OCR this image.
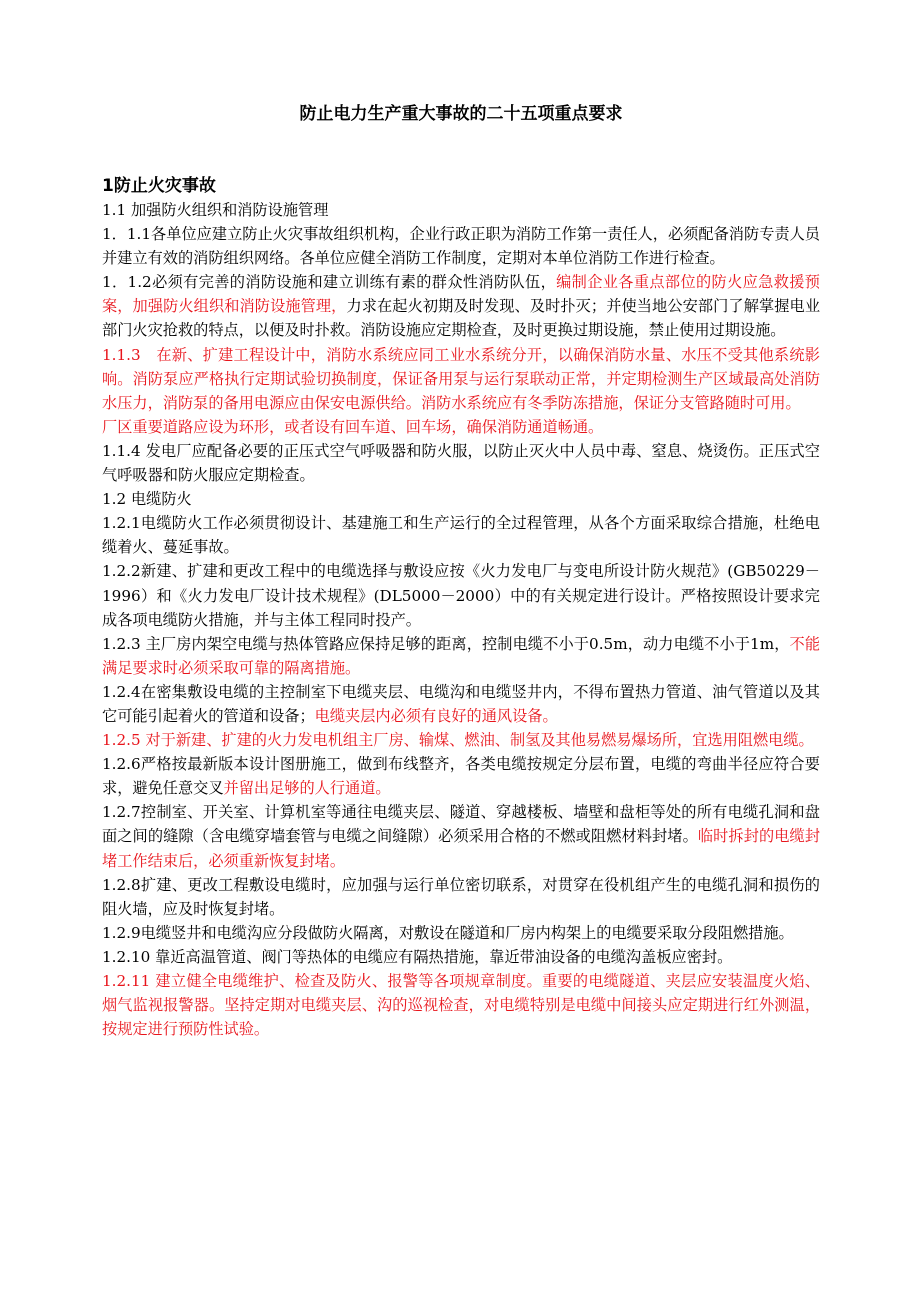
防止电力生产重大事故的二十五项重点要求
1防止火灾事故

1.1 加强防火组织和消防设施管理

1．1.1各单位应建立防止火灾事故组织机构，企业行政正职为消防工作第一责任人，必须配备消防专责人员并建立有效的消防组织网络。各单位应健全消防工作制度，定期对本单位消防工作进行检查。

1．1.2必须有完善的消防设施和建立训练有素的群众性消防队伍，编制企业各重点部位的防火应急救援预案，加强防火组织和消防设施管理，力求在起火初期及时发现、及时扑灭；并使当地公安部门了解掌握电业部门火灾抢救的特点，以便及时扑救。消防设施应定期检查，及时更换过期设施，禁止使用过期设施。

1.1.3　在新、扩建工程设计中，消防水系统应同工业水系统分开，以确保消防水量、水压不受其他系统影响。消防泵应严格执行定期试验切换制度，保证备用泵与运行泵联动正常，并定期检测生产区域最高处消防水压力，消防泵的备用电源应由保安电源供给。消防水系统应有冬季防冻措施，保证分支管路随时可用。

厂区重要道路应设为环形，或者设有回车道、回车场，确保消防通道畅通。

1.1.4 发电厂应配备必要的正压式空气呼吸器和防火服，以防止灭火中人员中毒、窒息、烧烫伤。正压式空气呼吸器和防火服应定期检查。

1.2 电缆防火

1.2.1电缆防火工作必须贯彻设计、基建施工和生产运行的全过程管理，从各个方面采取综合措施，杜绝电缆着火、蔓延事故。

1.2.2新建、扩建和更改工程中的电缆选择与敷设应按《火力发电厂与变电所设计防火规范》(GB50229－1996）和《火力发电厂设计技术规程》(DL5000－2000）中的有关规定进行设计。严格按照设计要求完成各项电缆防火措施，并与主体工程同时投产。

1.2.3 主厂房内架空电缆与热体管路应保持足够的距离，控制电缆不小于0.5m，动力电缆不小于1m，不能满足要求时必须采取可靠的隔离措施。

1.2.4在密集敷设电缆的主控制室下电缆夹层、电缆沟和电缆竖井内，不得布置热力管道、油气管道以及其它可能引起着火的管道和设备；电缆夹层内必须有良好的通风设备。

1.2.5 对于新建、扩建的火力发电机组主厂房、输煤、燃油、制氢及其他易燃易爆场所，宜选用阻燃电缆。

1.2.6严格按最新版本设计图册施工，做到布线整齐，各类电缆按规定分层布置，电缆的弯曲半径应符合要求，避免任意交叉并留出足够的人行通道。

1.2.7控制室、开关室、计算机室等通往电缆夹层、隧道、穿越楼板、墙壁和盘柜等处的所有电缆孔洞和盘面之间的缝隙（含电缆穿墙套管与电缆之间缝隙）必须采用合格的不燃或阻燃材料封堵。临时拆封的电缆封堵工作结束后，必须重新恢复封堵。

1.2.8扩建、更改工程敷设电缆时，应加强与运行单位密切联系，对贯穿在役机组产生的电缆孔洞和损伤的阻火墙，应及时恢复封堵。

1.2.9电缆竖井和电缆沟应分段做防火隔离，对敷设在隧道和厂房内构架上的电缆要采取分段阻燃措施。

1.2.10 靠近高温管道、阀门等热体的电缆应有隔热措施，靠近带油设备的电缆沟盖板应密封。

1.2.11 建立健全电缆维护、检查及防火、报警等各项规章制度。重要的电缆隧道、夹层应安装温度火焰、烟气监视报警器。坚持定期对电缆夹层、沟的巡视检查，对电缆特别是电缆中间接头应定期进行红外测温，按规定进行预防性试验。
